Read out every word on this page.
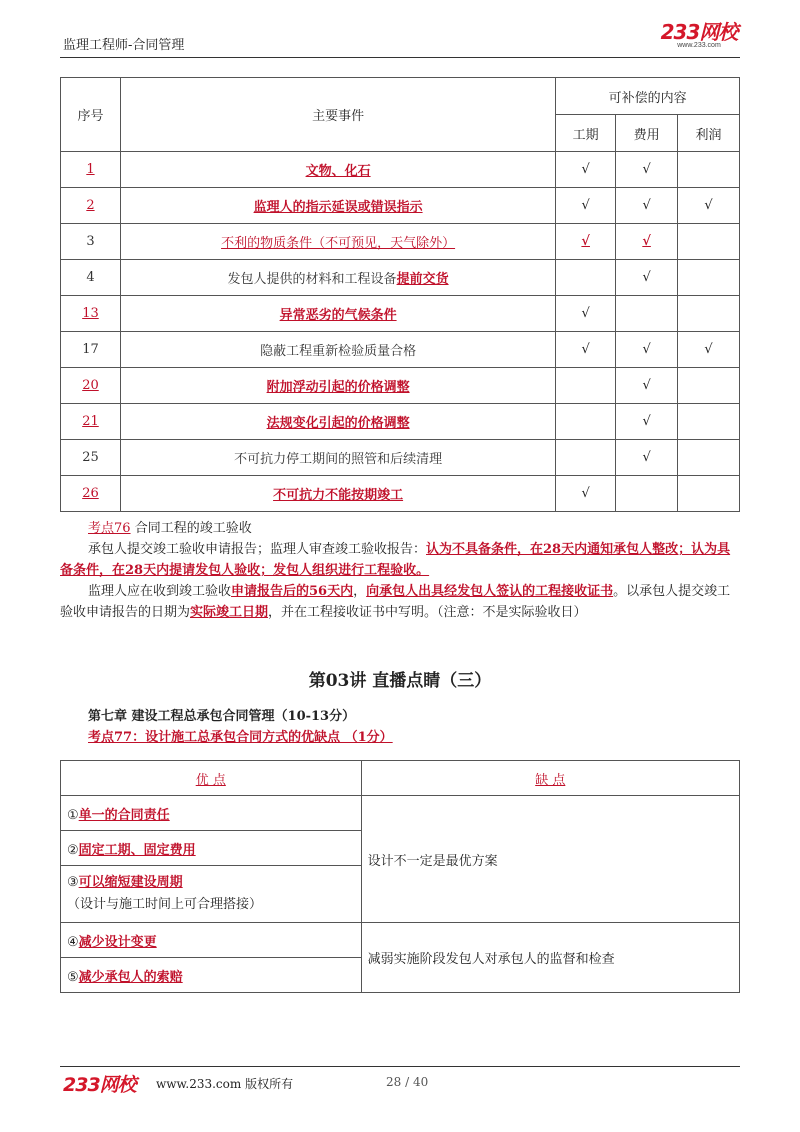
监理工程师-合同管理
233网校
www.233.com
序号	主要事件	可补偿的内容		
		工期	费用	利润
1	文物、化石	√	√	
2	监理人的指示延误或错误指示	√	√	√
3	不利的物质条件（不可预见，天气除外）	√	√	
4	发包人提供的材料和工程设备提前交货		√	
13	异常恶劣的气候条件	√		
17	隐蔽工程重新检验质量合格	√	√	√
20	附加浮动引起的价格调整		√	
21	法规变化引起的价格调整		√	
25	不可抗力停工期间的照管和后续清理		√	
26	不可抗力不能按期竣工	√		

考点76 合同工程的竣工验收

承包人提交竣工验收申请报告；监理人审查竣工验收报告：认为不具备条件，在28天内通知承包人整改；认为具备条件，在28天内提请发包人验收；发包人组织进行工程验收。

监理人应在收到竣工验收申请报告后的56天内，向承包人出具经发包人签认的工程接收证书。以承包人提交竣工验收申请报告的日期为实际竣工日期，并在工程接收证书中写明。（注意：不是实际验收日）

第03讲 直播点睛（三）
第七章 建设工程总承包合同管理（10-13分）
考点77：设计施工总承包合同方式的优缺点 （1分）
优 点	缺 点
①单一的合同责任	设计不一定是最优方案
②固定工期、固定费用	
③可以缩短建设周期
（设计与施工时间上可合理搭接）	
④减少设计变更	减弱实施阶段发包人对承包人的监督和检查
⑤减少承包人的索赔	
233网校 www.233.com 版权所有	28 / 40
